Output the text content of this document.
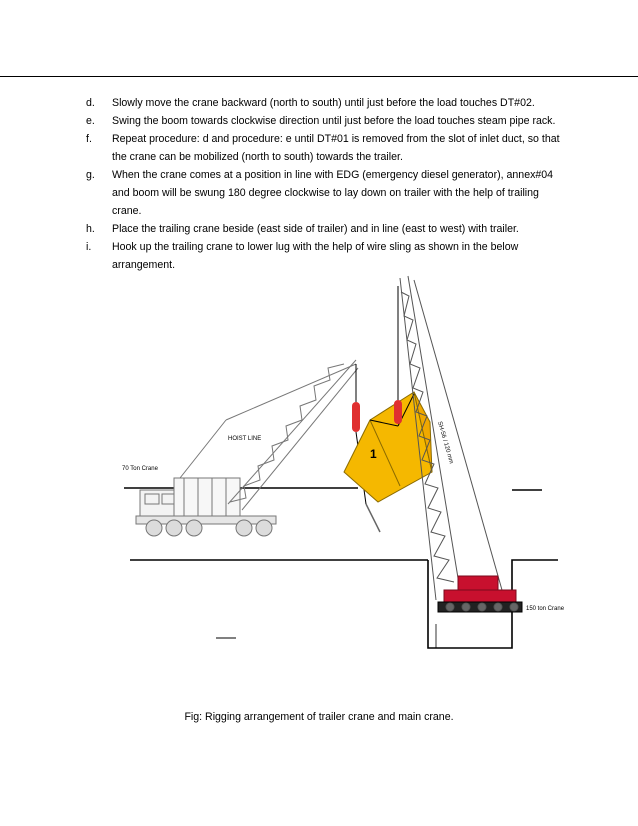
d.	Slowly move the crane backward (north to south) until just before the load touches DT#02.
e.	Swing the boom towards clockwise direction until just before the load touches steam pipe rack.
f.	Repeat procedure: d and procedure: e until DT#01 is removed from the slot of inlet duct, so that the crane can be mobilized (north to south) towards the trailer.
g.	When the crane comes at a position in line with EDG (emergency diesel generator), annex#04 and boom will be swung 180 degree clockwise to lay down on trailer with the help of trailing crane.
h.	Place the trailing crane beside (east side of trailer) and in line (east to west) with trailer.
i.	Hook up the trailing crane to lower lug with the help of wire sling as shown in the below arrangement.
HOIST LINE
70 Ton Crane
1	SH-56 / 120 mm
150 ton Crane
Fig: Rigging arrangement of trailer crane and main crane.
